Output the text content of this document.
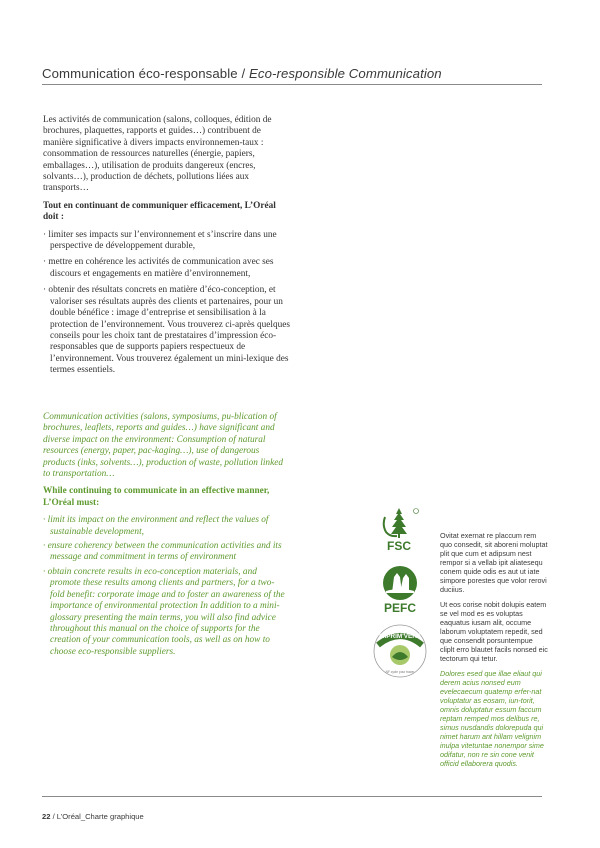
Communication éco-responsable / Eco-responsible Communication

Les activités de communication (salons, colloques, édition de brochures, plaquettes, rapports et guides…) contribuent de manière significative à divers impacts environnemen-taux : consommation de ressources naturelles (énergie, papiers, emballages…), utilisation de produits dangereux (encres, solvants…), production de déchets, pollutions liées aux transports…

Tout en continuant de communiquer efficacement, L’Oréal doit :

· limiter ses impacts sur l’environnement et s’inscrire dans une perspective de développement durable,
· mettre en cohérence les activités de communication avec ses discours et engagements en matière d’environnement,
· obtenir des résultats concrets en matière d’éco-conception, et valoriser ses résultats auprès des clients et partenaires, pour un double bénéfice : image d’entreprise et sensibilisation à la protection de l’environnement. Vous trouverez ci-après quelques conseils pour les choix tant de prestataires d’impression éco-responsables que de supports papiers respectueux de l’environnement. Vous trouverez également un mini-lexique des termes essentiels.

Communication activities (salons, symposiums, pu-blication of brochures, leaflets, reports and guides…) have significant and diverse impact on the environment: Consumption of natural resources (energy, paper, pac-kaging…), use of dangerous products (inks, solvents…), production of waste, pollution linked to transportation…

While continuing to communicate in an effective manner, L’Oréal must:

· limit its impact on the environment and reflect the values of sustainable development,
· ensure coherency between the communication activities and its message and commitment in terms of environment
· obtain concrete results in eco-conception materials, and promote these results among clients and partners, for a two- fold benefit: corporate image and to foster an awareness of the importance of environmental protection In addition to a mini-glossary presenting the main terms, you will also find advice throughout this manual on the choice of supports for the creation of your communication tools, as well as on how to choose eco-responsible suppliers.
FSC
PEFC
IMPRIM'VERT
NF cycle pour tracer

Ovitat exernat re placcum rem quo consedit, sit aboreni moluptat plit que cum et adipsum nest rempor si a vellab ipit aliatesequ conem quide odis es aut ut iate simpore porestes que volor rerovi duciius.

Ut eos corise nobit dolupis eatem se vel mod es es voluptas eaquatus iusam alit, occume laborum voluptatem repedit, sed que consendit porsuntempue cliplt erro blautet facils nonsed eic tectorum qui tetur.

Dolores esed que illae eliaut qui derem acius nonsed eum evelecaecum quatemp erfer-nat voluptatur as eosam, iun-torit, omnis doluptatur essum faccum reptam remped mos delibus re, simus nusdandis dolorepuda qui nimet harum ant hillam velignim inulpa vitetuntae nonempor sime odifatur, non re sin cone venit officid ellaborera quodis.

22 / L’Oréal_Charte graphique
